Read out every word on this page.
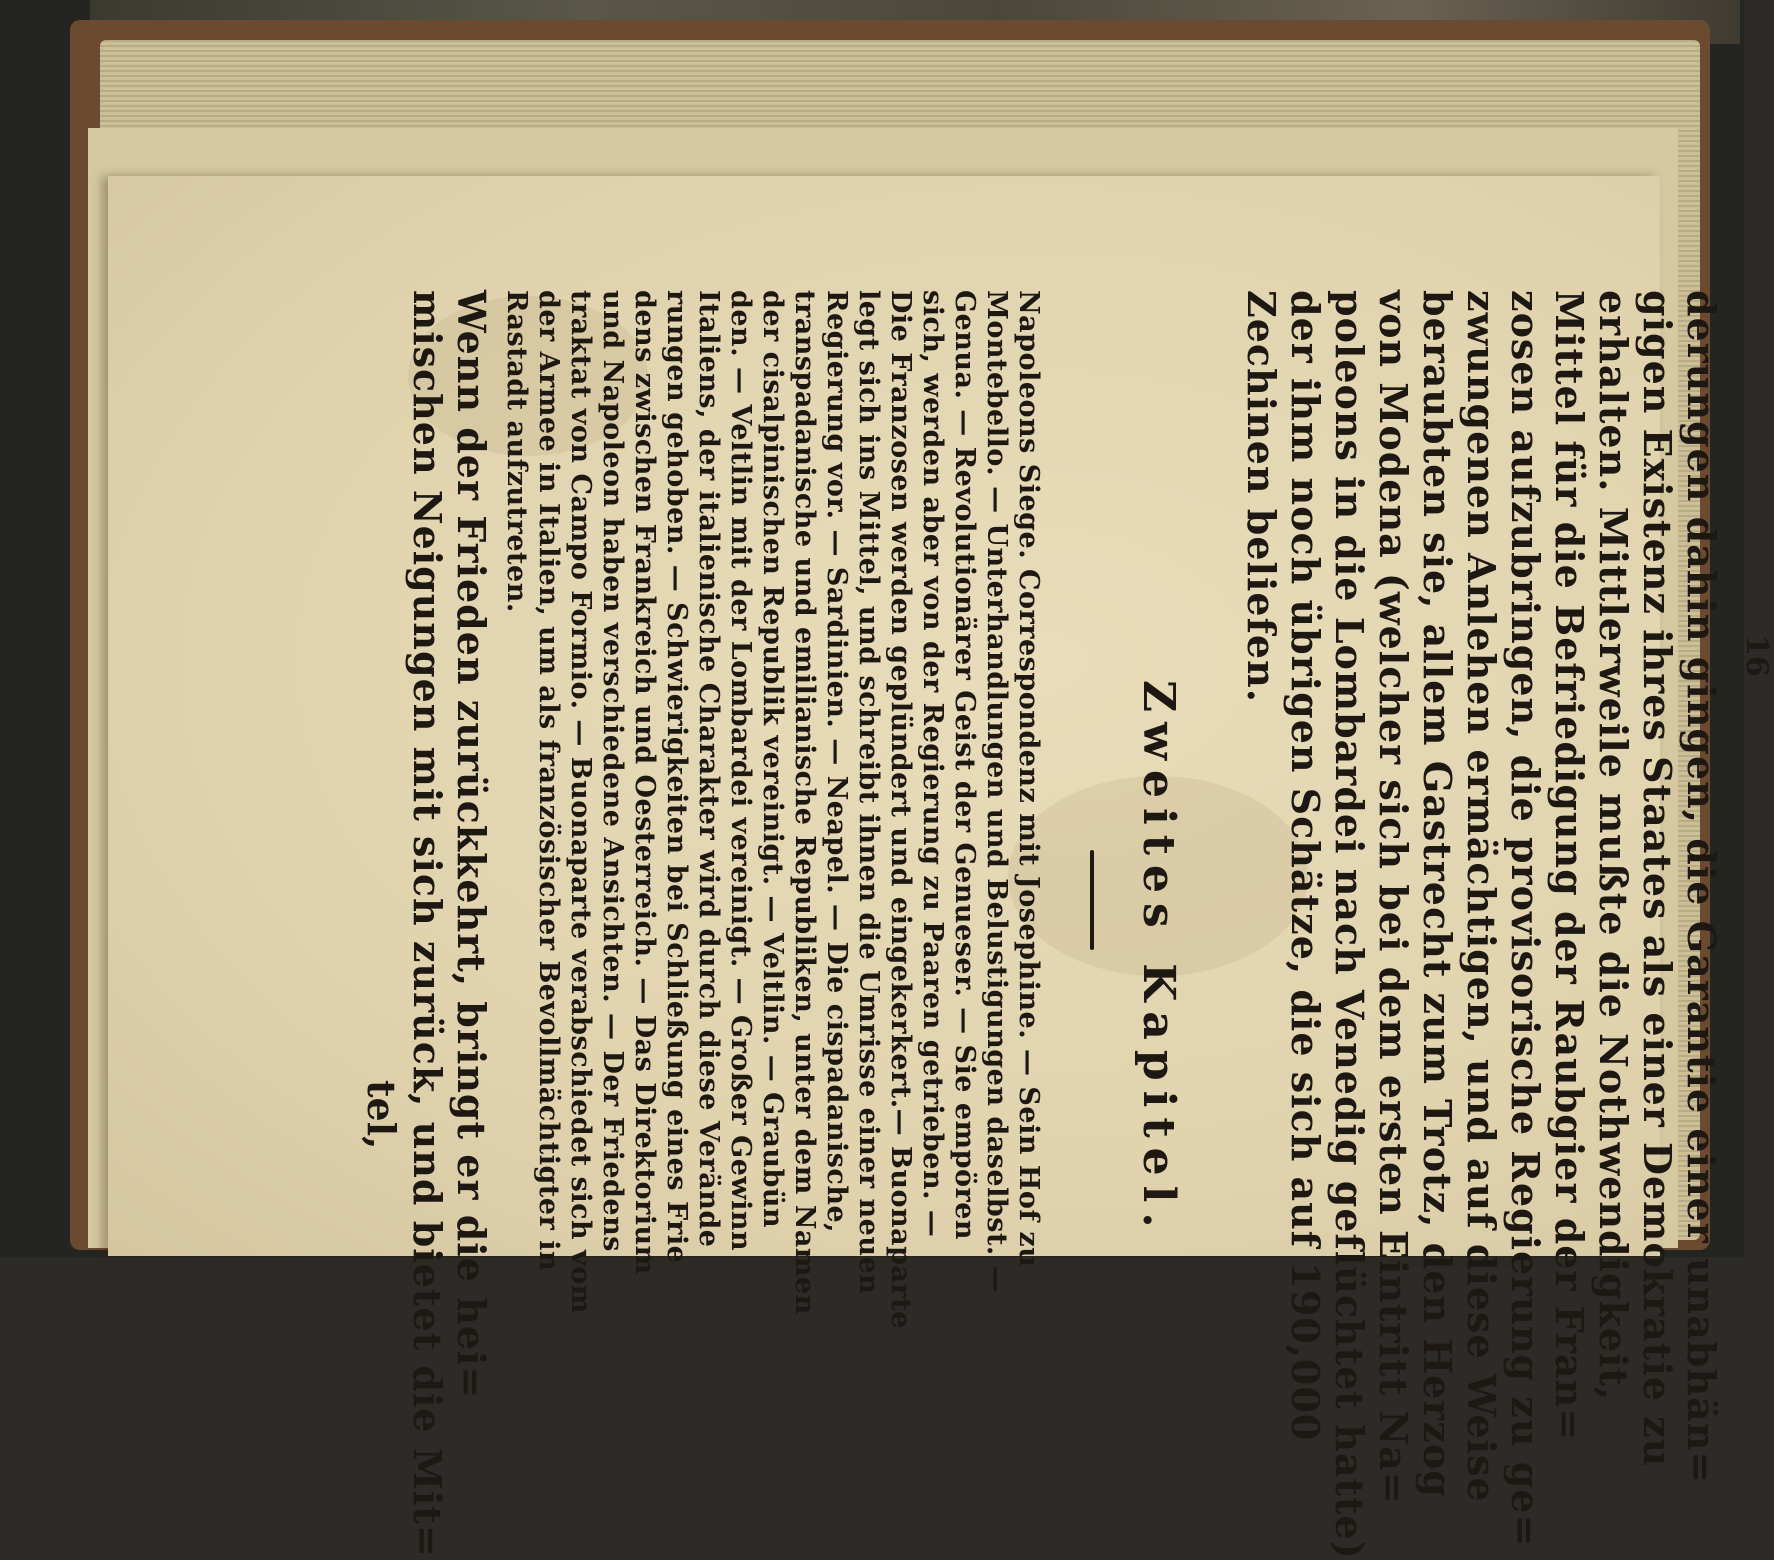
16
derungen dahin gingen, die Garantie einer unabhän=
gigen Existenz ihres Staates als einer Demokratie zu
erhalten. Mittlerweile mußte die Nothwendigkeit,
Mittel für die Befriedigung der Raubgier der Fran=
zosen aufzubringen, die provisorische Regierung zu ge=
zwungenen Anlehen ermächtigen, und auf diese Weise
beraubten sie, allem Gastrecht zum Trotz, den Herzog
von Modena (welcher sich bei dem ersten Eintritt Na=
poleons in die Lombardei nach Venedig geflüchtet hatte)
der ihm noch übrigen Schätze, die sich auf 190,000
Zechinen beliefen.
Zweites Kapitel.
Napoleons Siege. Correspondenz mit Josephine. — Sein Hof zu
Montebello. — Unterhandlungen und Belustigungen daselbst. —
Genua. — Revolutionärer Geist der Genueser. — Sie empören
sich, werden aber von der Regierung zu Paaren getrieben. —
Die Franzosen werden geplündert und eingekerkert.— Buonaparte
legt sich ins Mittel, und schreibt ihnen die Umrisse einer neuen
Regierung vor. — Sardinien. — Neapel. — Die cispadanische,
transpadanische und emilianische Republiken, unter dem Namen
der cisalpinischen Republik vereinigt. — Veltlin. — Graubün
den. — Veltlin mit der Lombardei vereinigt. — Großer Gewinn
Italiens, der italienische Charakter wird durch diese Verände
rungen gehoben. — Schwierigkeiten bei Schließung eines Frie
dens zwischen Frankreich und Oesterreich. — Das Direktorium
und Napoleon haben verschiedene Ansichten. — Der Friedens
traktat von Campo Formio. — Buonaparte verabschiedet sich vom
der Armee in Italien, um als französischer Bevollmächtigter in
Rastadt aufzutreten.
Wenn der Frieden zurückkehrt, bringt er die hei=
mischen Neigungen mit sich zurück, und bietet die Mit=
tel,
